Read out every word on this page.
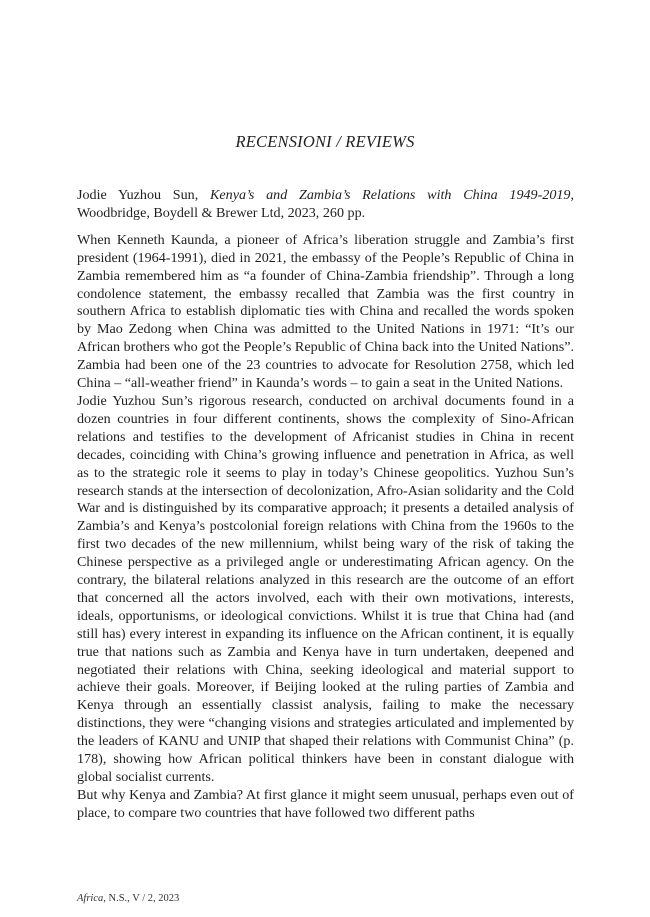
RECENSIONI / REVIEWS

Jodie Yuzhou Sun, Kenya’s and Zambia’s Relations with China 1949-2019, Woodbridge, Boydell & Brewer Ltd, 2023, 260 pp.

When Kenneth Kaunda, a pioneer of Africa’s liberation struggle and Zambia’s first president (1964-1991), died in 2021, the embassy of the People’s Republic of China in Zambia remembered him as “a founder of China-Zambia friendship”. Through a long condolence statement, the embassy recalled that Zambia was the first country in southern Africa to establish diplomatic ties with China and recalled the words spoken by Mao Zedong when China was admitted to the United Nations in 1971: “It’s our African brothers who got the People’s Republic of China back into the United Nations”. Zambia had been one of the 23 countries to advocate for Resolution 2758, which led China – “all-weather friend” in Kaunda’s words – to gain a seat in the United Nations.

Jodie Yuzhou Sun’s rigorous research, conducted on archival documents found in a dozen countries in four different continents, shows the complexity of Sino-African relations and testifies to the development of Africanist studies in China in recent decades, coinciding with China’s growing influence and penetration in Africa, as well as to the strategic role it seems to play in today’s Chinese geopolitics. Yuzhou Sun’s research stands at the intersection of decolonization, Afro-Asian solidarity and the Cold War and is distinguished by its comparative approach; it presents a detailed analysis of Zambia’s and Kenya’s postcolonial foreign relations with China from the 1960s to the first two decades of the new millennium, whilst being wary of the risk of taking the Chinese perspective as a privileged angle or underestimating African agency. On the contrary, the bilateral relations analyzed in this research are the outcome of an effort that concerned all the actors involved, each with their own motivations, interests, ideals, opportunisms, or ideological convictions. Whilst it is true that China had (and still has) every interest in expanding its influence on the African continent, it is equally true that nations such as Zambia and Kenya have in turn undertaken, deepened and negotiated their relations with China, seeking ideological and material support to achieve their goals. Moreover, if Beijing looked at the ruling parties of Zambia and Kenya through an essentially classist analysis, failing to make the necessary distinctions, they were “changing visions and strategies articulated and implemented by the leaders of KANU and UNIP that shaped their relations with Communist China” (p. 178), showing how African political thinkers have been in constant dialogue with global socialist currents.

But why Kenya and Zambia? At first glance it might seem unusual, perhaps even out of place, to compare two countries that have followed two different paths

Africa, N.S., V / 2, 2023
